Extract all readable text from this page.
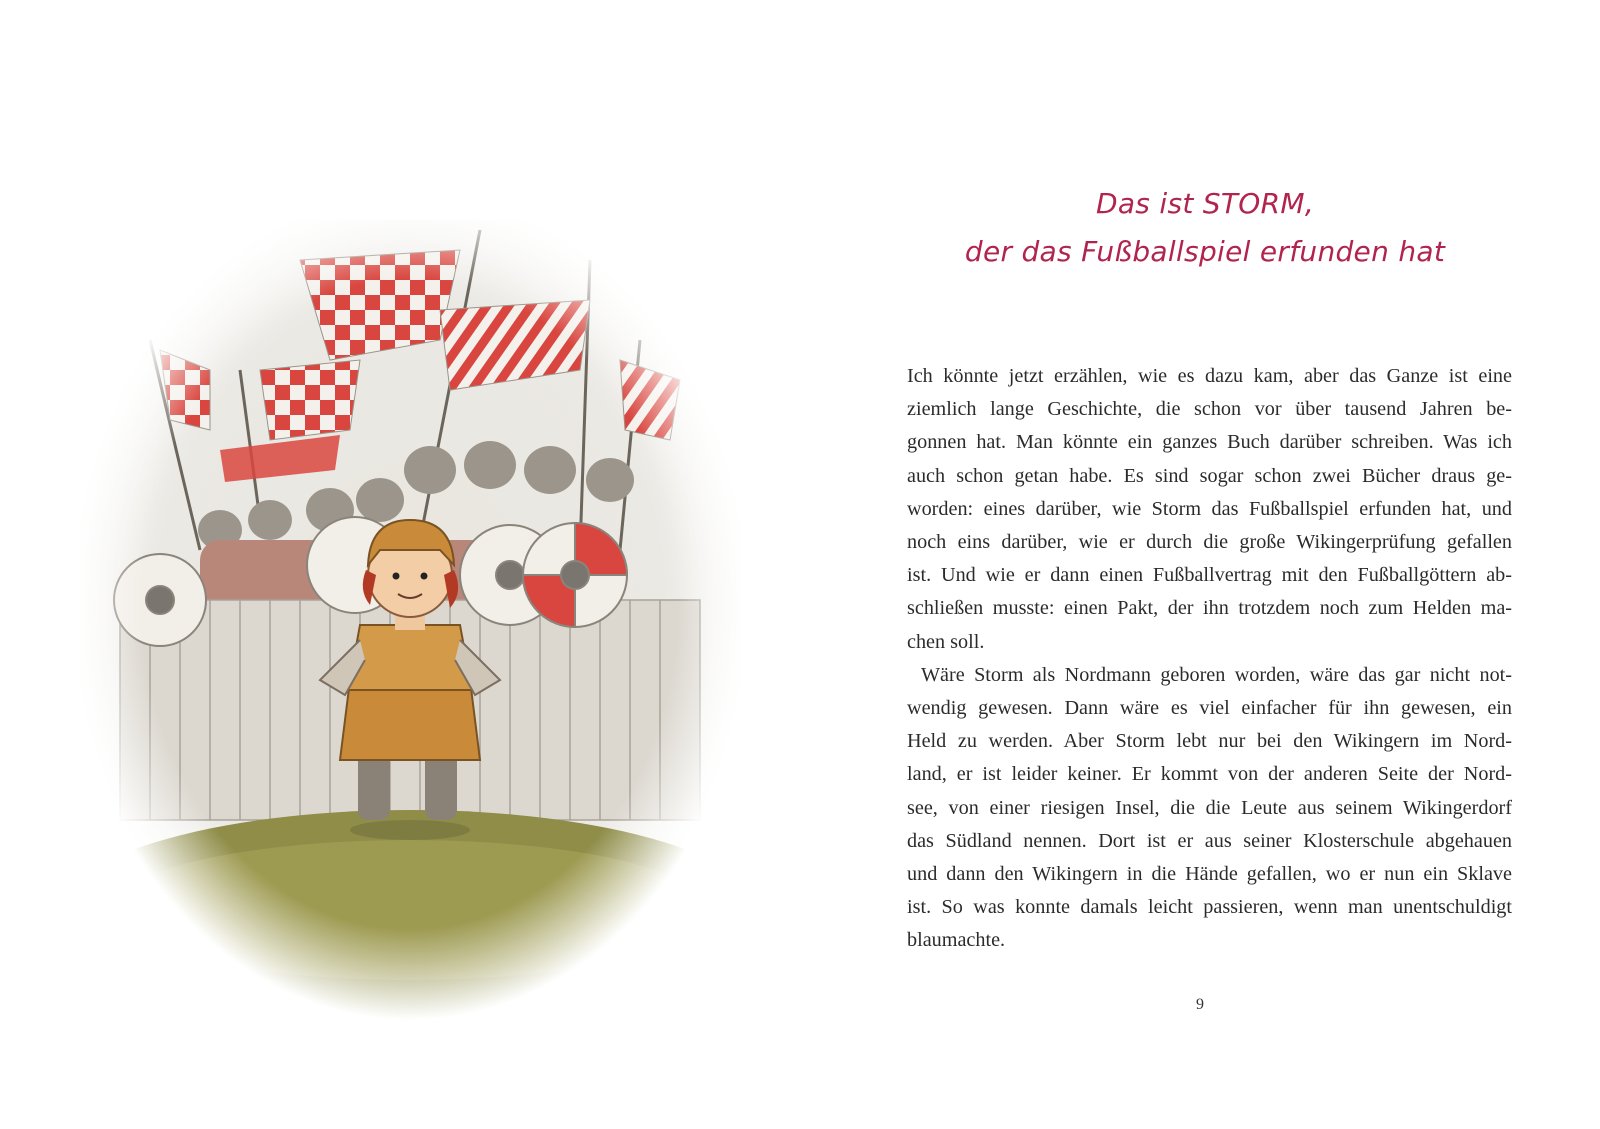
Das ist STORM,
der das Fußballspiel erfunden hat
Ich könnte jetzt erzählen, wie es dazu kam, aber das Ganze ist eine
ziemlich lange Geschichte, die schon vor über tausend Jahren be-
gonnen hat. Man könnte ein ganzes Buch darüber schreiben. Was ich
auch schon getan habe. Es sind sogar schon zwei Bücher draus ge-
worden: eines darüber, wie Storm das Fußballspiel erfunden hat, und
noch eins darüber, wie er durch die große Wikingerprüfung gefallen
ist. Und wie er dann einen Fußballvertrag mit den Fußballgöttern ab-
schließen musste: einen Pakt, der ihn trotzdem noch zum Helden ma-
chen soll.
Wäre Storm als Nordmann geboren worden, wäre das gar nicht not-
wendig gewesen. Dann wäre es viel einfacher für ihn gewesen, ein
Held zu werden. Aber Storm lebt nur bei den Wikingern im Nord-
land, er ist leider keiner. Er kommt von der anderen Seite der Nord-
see, von einer riesigen Insel, die die Leute aus seinem Wikingerdorf
das Südland nennen. Dort ist er aus seiner Klosterschule abgehauen
und dann den Wikingern in die Hände gefallen, wo er nun ein Sklave
ist. So was konnte damals leicht passieren, wenn man unentschuldigt
blaumachte.
9
